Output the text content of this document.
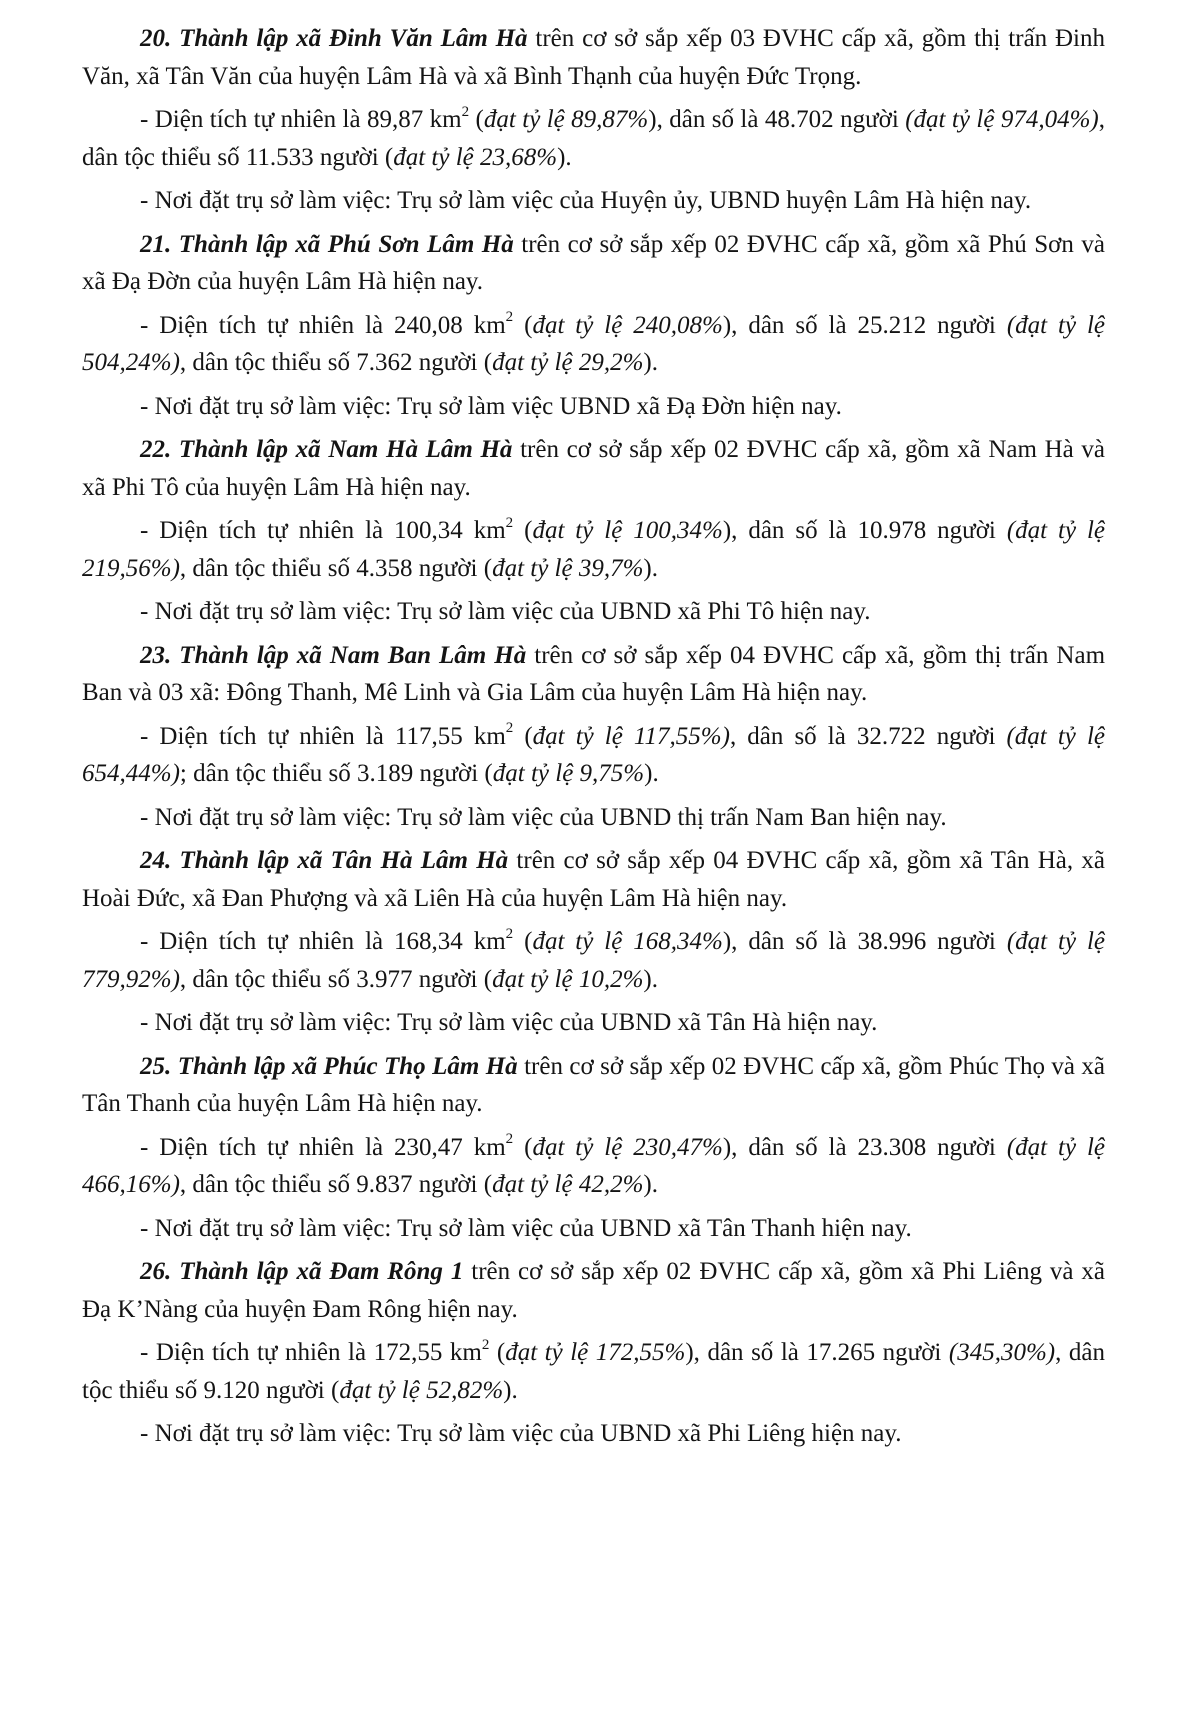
20. Thành lập xã Đinh Văn Lâm Hà trên cơ sở sắp xếp 03 ĐVHC cấp xã, gồm thị trấn Đinh Văn, xã Tân Văn của huyện Lâm Hà và xã Bình Thạnh của huyện Đức Trọng.

- Diện tích tự nhiên là 89,87 $km^2$ (đạt tỷ lệ 89,87%), dân số là 48.702 người (đạt tỷ lệ 974,04%), dân tộc thiểu số 11.533 người (đạt tỷ lệ 23,68%).

- Nơi đặt trụ sở làm việc: Trụ sở làm việc của Huyện ủy, UBND huyện Lâm Hà hiện nay.

21. Thành lập xã Phú Sơn Lâm Hà trên cơ sở sắp xếp 02 ĐVHC cấp xã, gồm xã Phú Sơn và xã Đạ Đờn của huyện Lâm Hà hiện nay.

- Diện tích tự nhiên là 240,08 $km^2$ (đạt tỷ lệ 240,08%), dân số là 25.212 người (đạt tỷ lệ 504,24%), dân tộc thiểu số 7.362 người (đạt tỷ lệ 29,2%).

- Nơi đặt trụ sở làm việc: Trụ sở làm việc UBND xã Đạ Đờn hiện nay.

22. Thành lập xã Nam Hà Lâm Hà trên cơ sở sắp xếp 02 ĐVHC cấp xã, gồm xã Nam Hà và xã Phi Tô của huyện Lâm Hà hiện nay.

- Diện tích tự nhiên là 100,34 $km^2$ (đạt tỷ lệ 100,34%), dân số là 10.978 người (đạt tỷ lệ 219,56%), dân tộc thiểu số 4.358 người (đạt tỷ lệ 39,7%).

- Nơi đặt trụ sở làm việc: Trụ sở làm việc của UBND xã Phi Tô hiện nay.

23. Thành lập xã Nam Ban Lâm Hà trên cơ sở sắp xếp 04 ĐVHC cấp xã, gồm thị trấn Nam Ban và 03 xã: Đông Thanh, Mê Linh và Gia Lâm của huyện Lâm Hà hiện nay.

- Diện tích tự nhiên là 117,55 $km^2$ (đạt tỷ lệ 117,55%), dân số là 32.722 người (đạt tỷ lệ 654,44%); dân tộc thiểu số 3.189 người (đạt tỷ lệ 9,75%).

- Nơi đặt trụ sở làm việc: Trụ sở làm việc của UBND thị trấn Nam Ban hiện nay.

24. Thành lập xã Tân Hà Lâm Hà trên cơ sở sắp xếp 04 ĐVHC cấp xã, gồm xã Tân Hà, xã Hoài Đức, xã Đan Phượng và xã Liên Hà của huyện Lâm Hà hiện nay.

- Diện tích tự nhiên là 168,34 $km^2$ (đạt tỷ lệ 168,34%), dân số là 38.996 người (đạt tỷ lệ 779,92%), dân tộc thiểu số 3.977 người (đạt tỷ lệ 10,2%).

- Nơi đặt trụ sở làm việc: Trụ sở làm việc của UBND xã Tân Hà hiện nay.

25. Thành lập xã Phúc Thọ Lâm Hà trên cơ sở sắp xếp 02 ĐVHC cấp xã, gồm Phúc Thọ và xã Tân Thanh của huyện Lâm Hà hiện nay.

- Diện tích tự nhiên là 230,47 $km^2$ (đạt tỷ lệ 230,47%), dân số là 23.308 người (đạt tỷ lệ 466,16%), dân tộc thiểu số 9.837 người (đạt tỷ lệ 42,2%).

- Nơi đặt trụ sở làm việc: Trụ sở làm việc của UBND xã Tân Thanh hiện nay.

26. Thành lập xã Đam Rông 1 trên cơ sở sắp xếp 02 ĐVHC cấp xã, gồm xã Phi Liêng và xã Đạ K’Nàng của huyện Đam Rông hiện nay.

- Diện tích tự nhiên là 172,55 $km^2$ (đạt tỷ lệ 172,55%), dân số là 17.265 người (345,30%), dân tộc thiểu số 9.120 người (đạt tỷ lệ 52,82%).

- Nơi đặt trụ sở làm việc: Trụ sở làm việc của UBND xã Phi Liêng hiện nay.
